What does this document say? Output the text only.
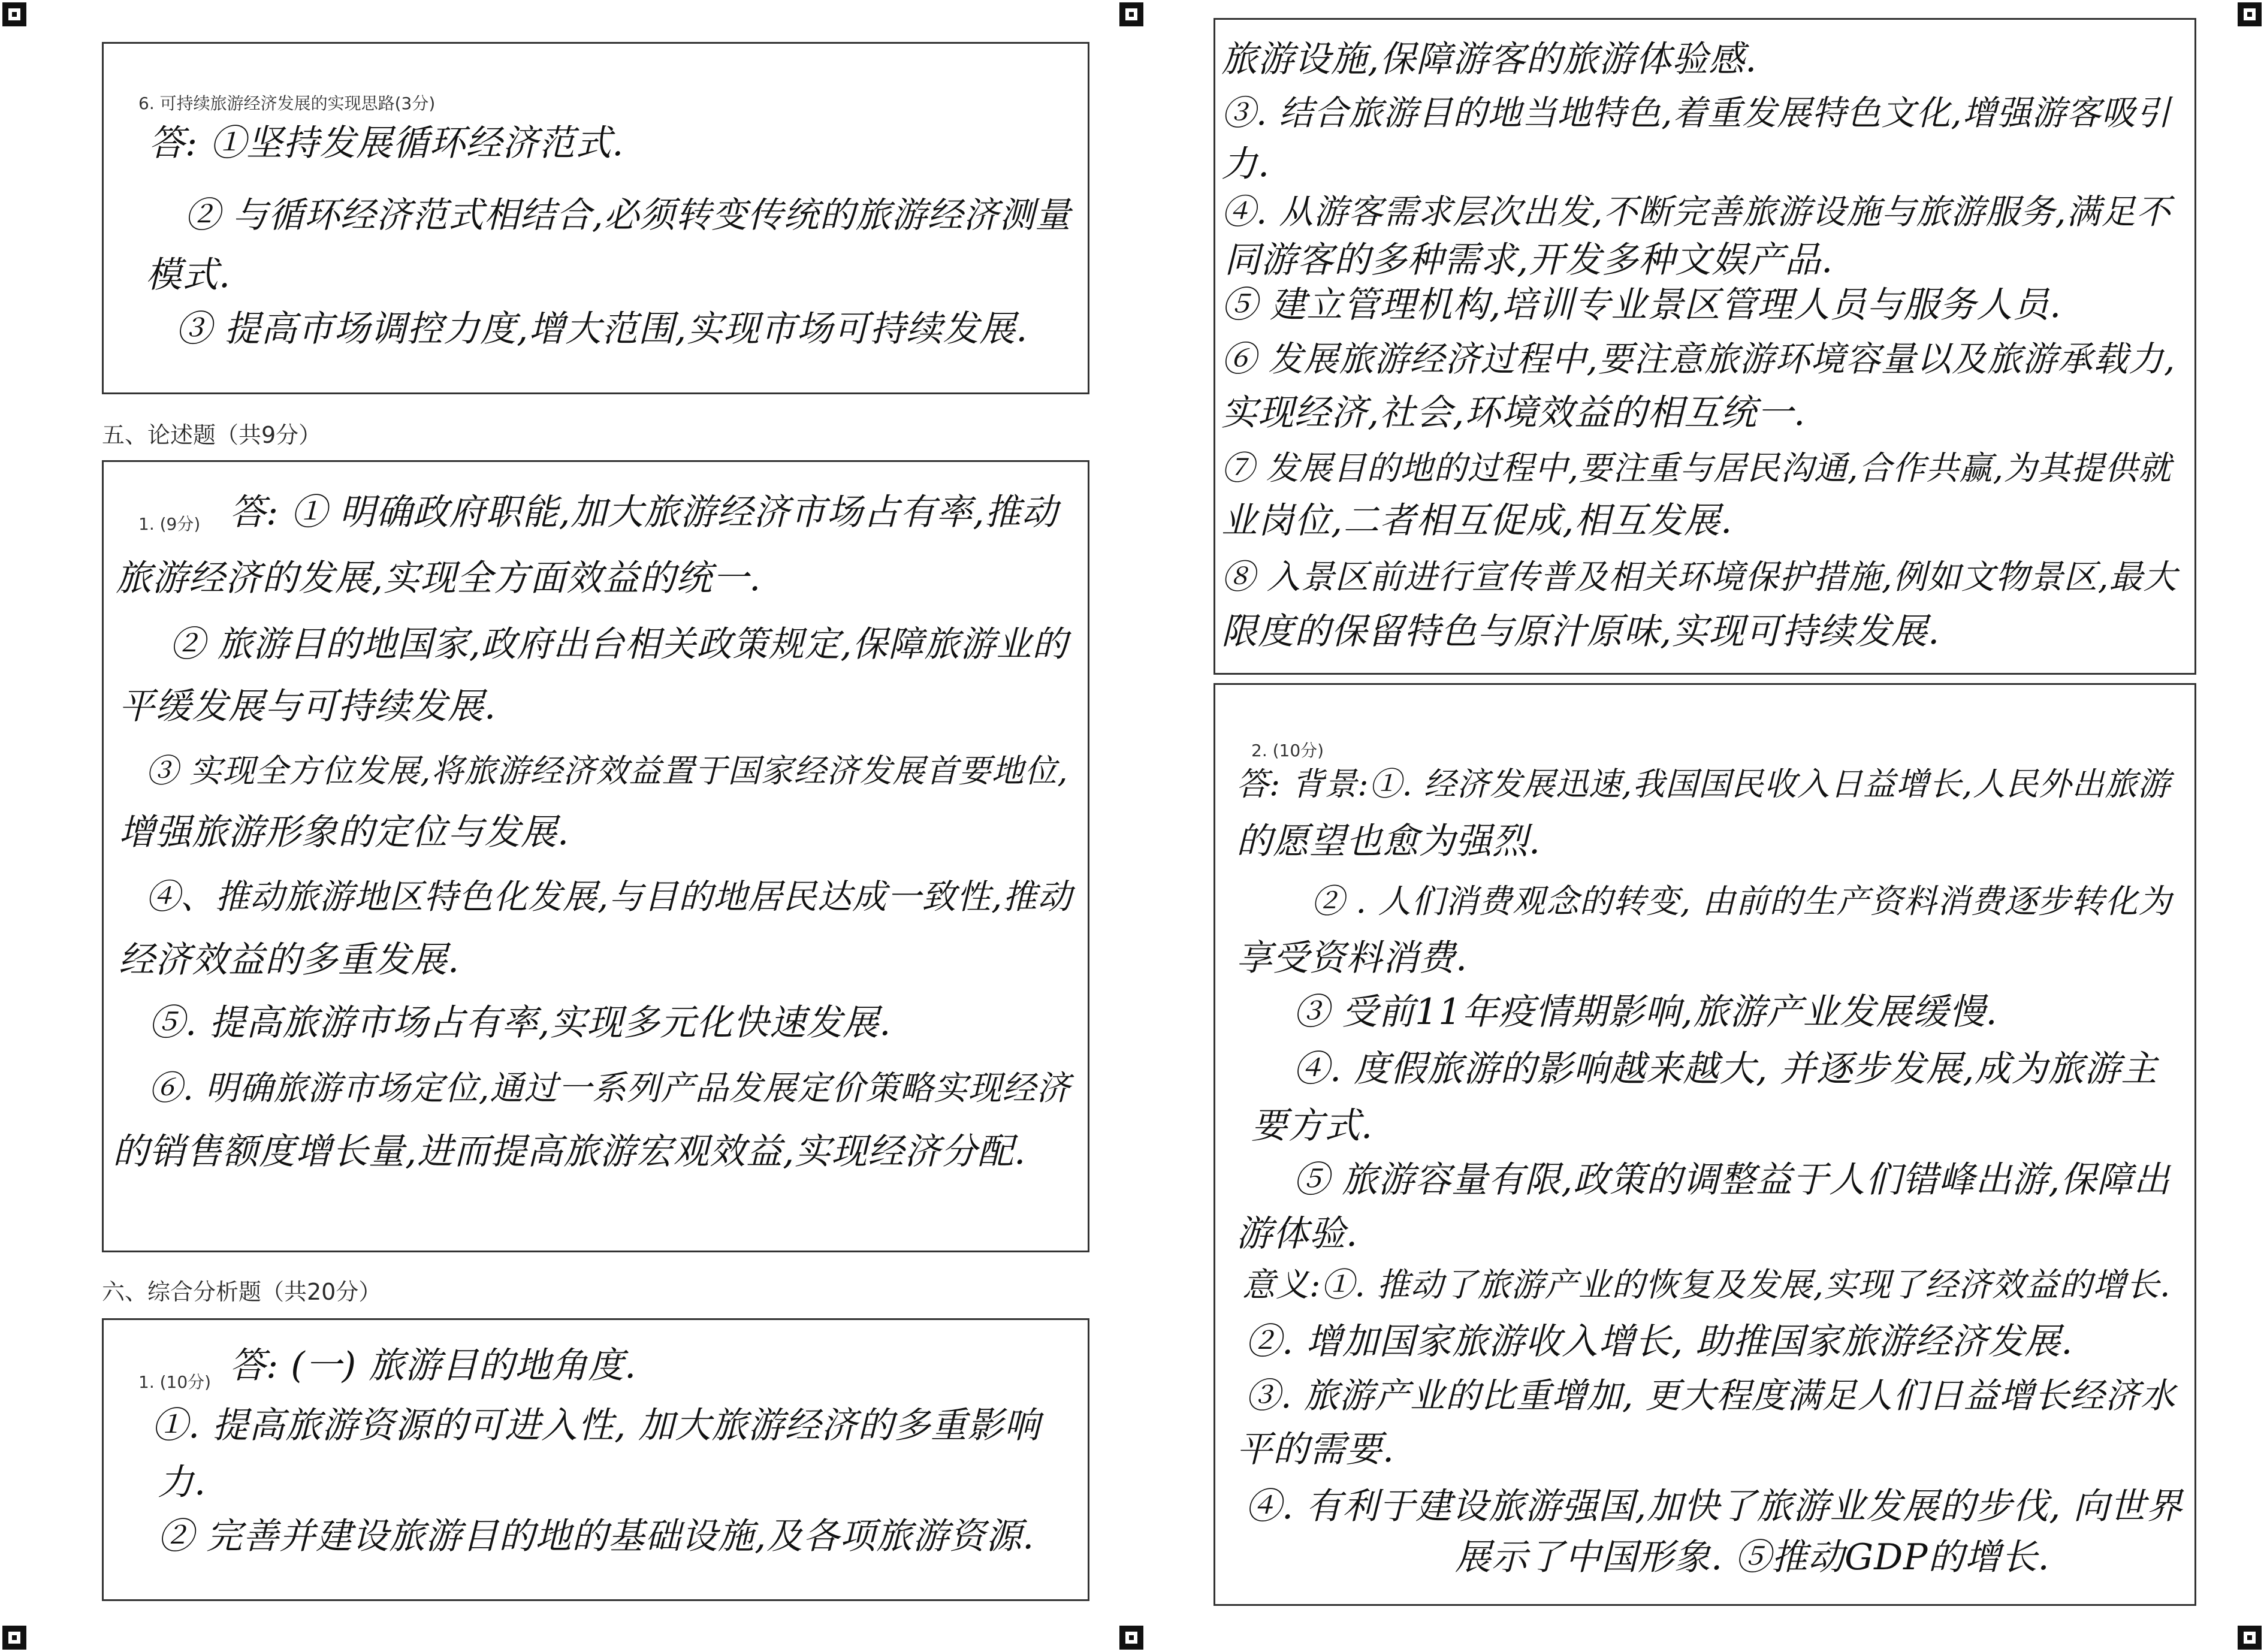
6. 可持续旅游经济发展的实现思路(3分)
答: ①坚持发展循环经济范式.
② 与循环经济范式相结合,必须转变传统的旅游经济测量
模式.
③ 提高市场调控力度,增大范围,实现市场可持续发展.
五、论述题（共9分）
1. (9分) 答: ① 明确政府职能,加大旅游经济市场占有率,推动
旅游经济的发展,实现全方面效益的统一.
② 旅游目的地国家,政府出台相关政策规定,保障旅游业的
平缓发展与可持续发展.
③ 实现全方位发展,将旅游经济效益置于国家经济发展首要地位,
增强旅游形象的定位与发展.
④、推动旅游地区特色化发展,与目的地居民达成一致性,推动
经济效益的多重发展.
⑤. 提高旅游市场占有率,实现多元化快速发展.
⑥. 明确旅游市场定位,通过一系列产品发展定价策略实现经济
的销售额度增长量,进而提高旅游宏观效益,实现经济分配.
六、综合分析题（共20分）
1. (10分) 答: (一) 旅游目的地角度.
①. 提高旅游资源的可进入性, 加大旅游经济的多重影响
力.
② 完善并建设旅游目的地的基础设施,及各项旅游资源.
旅游设施,保障游客的旅游体验感.
③. 结合旅游目的地当地特色,着重发展特色文化,增强游客吸引
力.
④. 从游客需求层次出发,不断完善旅游设施与旅游服务,满足不
同游客的多种需求,开发多种文娱产品.
⑤ 建立管理机构,培训专业景区管理人员与服务人员.
⑥ 发展旅游经济过程中,要注意旅游环境容量以及旅游承载力,
实现经济,社会,环境效益的相互统一.
⑦ 发展目的地的过程中,要注重与居民沟通,合作共赢,为其提供就
业岗位,二者相互促成,相互发展.
⑧ 入景区前进行宣传普及相关环境保护措施,例如文物景区,最大
限度的保留特色与原汁原味,实现可持续发展.
2. (10分)
答: 背景:①. 经济发展迅速,我国国民收入日益增长,人民外出旅游
的愿望也愈为强烈.
② . 人们消费观念的转变, 由前的生产资料消费逐步转化为
享受资料消费.
③ 受前11年疫情期影响,旅游产业发展缓慢.
④. 度假旅游的影响越来越大, 并逐步发展,成为旅游主
要方式.
⑤ 旅游容量有限,政策的调整益于人们错峰出游,保障出
游体验.
意义:①. 推动了旅游产业的恢复及发展,实现了经济效益的增长.
②. 增加国家旅游收入增长, 助推国家旅游经济发展.
③. 旅游产业的比重增加, 更大程度满足人们日益增长经济水
平的需要.
④. 有利于建设旅游强国,加快了旅游业发展的步伐, 向世界
展示了中国形象. ⑤推动GDP的增长.
